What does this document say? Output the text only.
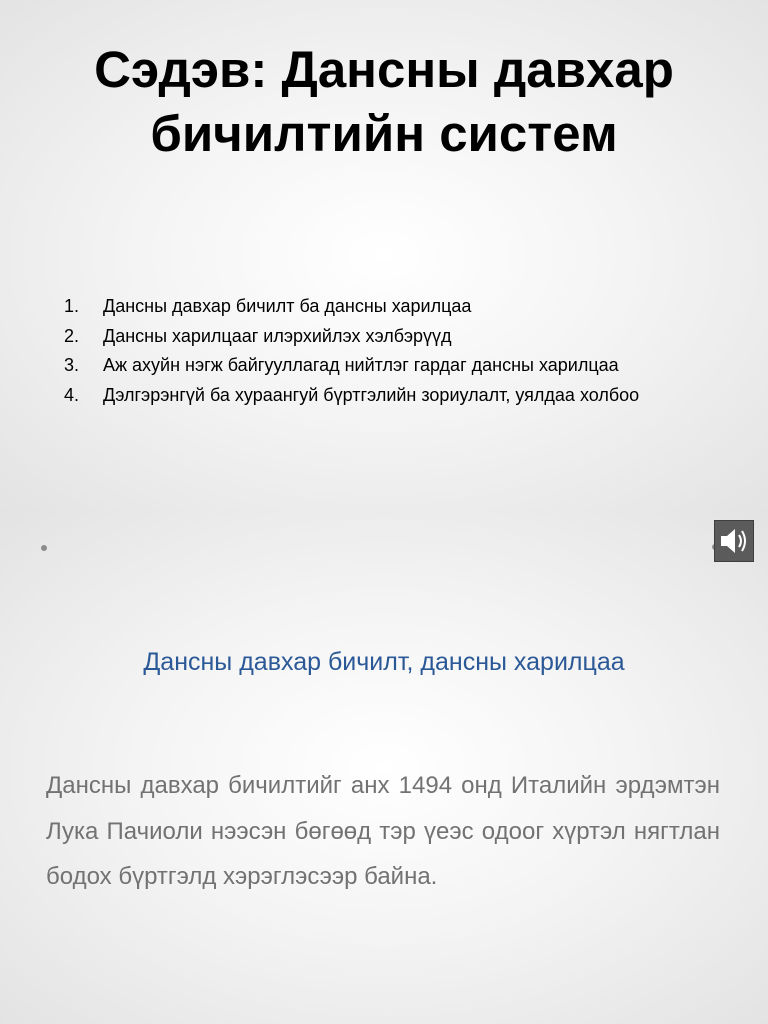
Сэдэв: Дансны давхар бичилтийн систем
1.	Дансны давхар бичилт ба дансны харилцаа
2.	Дансны харилцааг илэрхийлэх хэлбэрүүд
3.	Аж ахуйн нэгж байгууллагад нийтлэг гардаг дансны харилцаа
4.	Дэлгэрэнгүй ба хураангуй бүртгэлийн зориулалт, уялдаа холбоо
Дансны давхар бичилт, дансны харилцаа

Дансны давхар бичилтийг анх 1494 онд Италийн эрдэмтэн Лука Пачиоли нээсэн бөгөөд тэр үеэс одоог хүртэл нягтлан бодох бүртгэлд хэрэглэсээр байна.
